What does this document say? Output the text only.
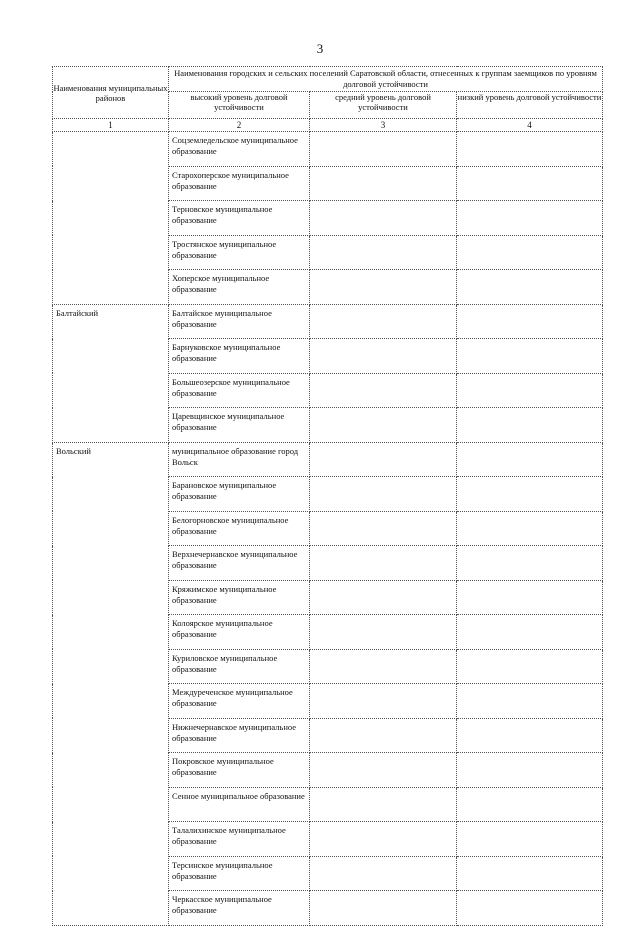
3
Наименования муниципальных районов	Наименования городских и сельских поселений Саратовской области, отнесенных к группам заемщиков по уровням долговой устойчивости		
	высокий уровень долговой устойчивости	средний уровень долговой устойчивости	низкий уровень долговой устойчивости
1	2	3	4
	Соцземледельское муниципальное образование		
	Старохоперское муниципальное образование		
	Терновское муниципальное образование		
	Тростянское муниципальное образование		
	Хоперское муниципальное образование		
Балтайский	Балтайское муниципальное образование		
	Барнуковское муниципальное образование		
	Большеозерское муниципальное образование		
	Царевщинское муниципальное образование		
Вольский	муниципальное образование город Вольск		
	Барановское муниципальное образование		
	Белогорновское муниципальное образование		
	Верхнечернавское муниципальное образование		
	Кряжимское муниципальное образование		
	Колоярское муниципальное образование		
	Куриловское муниципальное образование		
	Междуреченское муниципальное образование		
	Нижнечернавское муниципальное образование		
	Покровское муниципальное образование		
	Сенное муниципальное образование		
	Талалихинское муниципальное образование		
	Терсинское муниципальное образование		
	Черкасское муниципальное образование		
